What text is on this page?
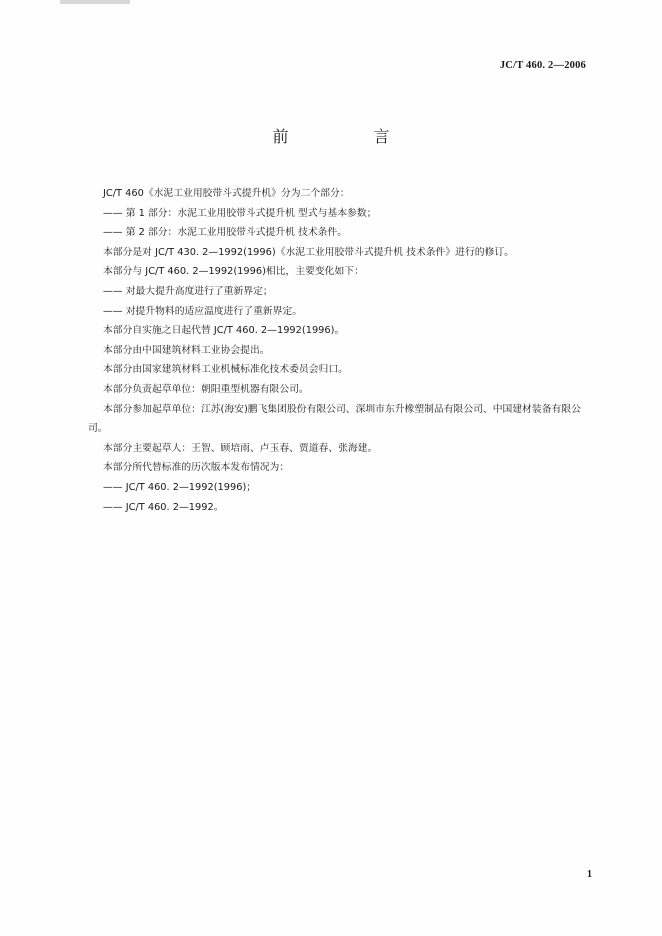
JC/T 460. 2—2006
前 言

JC/T 460《水泥工业用胶带斗式提升机》分为二个部分：

—— 第 1 部分：水泥工业用胶带斗式提升机 型式与基本参数；

—— 第 2 部分：水泥工业用胶带斗式提升机 技术条件。

本部分是对 JC/T 430. 2—1992(1996)《水泥工业用胶带斗式提升机 技术条件》进行的修订。

本部分与 JC/T 460. 2—1992(1996)相比，主要变化如下：

—— 对最大提升高度进行了重新界定；

—— 对提升物料的适应温度进行了重新界定。

本部分自实施之日起代替 JC/T 460. 2—1992(1996)。

本部分由中国建筑材料工业协会提出。

本部分由国家建筑材料工业机械标准化技术委员会归口。

本部分负责起草单位：朝阳重型机器有限公司。

本部分参加起草单位：江苏(海安)鹏飞集团股份有限公司、深圳市东升橡塑制品有限公司、中国建材装备有限公司。

本部分主要起草人：王智、顾培雨、卢玉春、贾道春、张海建。

本部分所代替标准的历次版本发布情况为：

—— JC/T 460. 2—1992(1996)；

—— JC/T 460. 2—1992。

1
